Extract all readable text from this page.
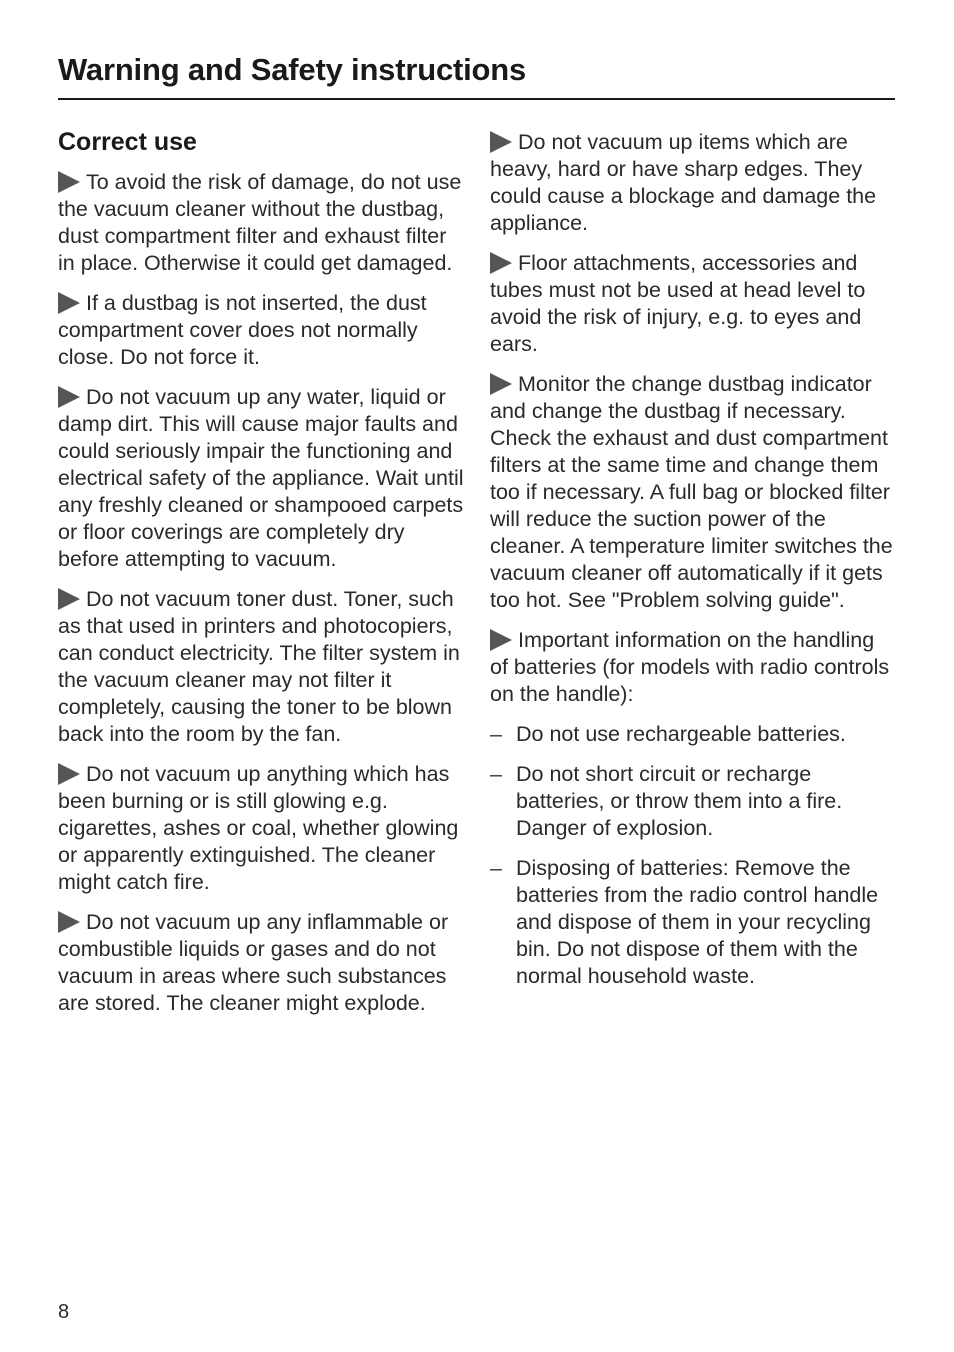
Warning and Safety instructions
Correct use

To avoid the risk of damage, do not use the vacuum cleaner without the dustbag, dust compartment filter and exhaust filter in place. Otherwise it could get damaged.

If a dustbag is not inserted, the dust compartment cover does not normally close. Do not force it.

Do not vacuum up any water, liquid or damp dirt. This will cause major faults and could seriously impair the functioning and electrical safety of the appliance. Wait until any freshly cleaned or shampooed carpets or floor coverings are completely dry before attempting to vacuum.

Do not vacuum toner dust. Toner, such as that used in printers and photocopiers, can conduct electricity. The filter system in the vacuum cleaner may not filter it completely, causing the toner to be blown back into the room by the fan.

Do not vacuum up anything which has been burning or is still glowing e.g. cigarettes, ashes or coal, whether glowing or apparently extinguished. The cleaner might catch fire.

Do not vacuum up any inflammable or combustible liquids or gases and do not vacuum in areas where such substances are stored. The cleaner might explode.

Do not vacuum up items which are heavy, hard or have sharp edges. They could cause a blockage and damage the appliance.

Floor attachments, accessories and tubes must not be used at head level to avoid the risk of injury, e.g. to eyes and ears.

Monitor the change dustbag indicator and change the dustbag if necessary. Check the exhaust and dust compartment filters at the same time and change them too if necessary. A full bag or blocked filter will reduce the suction power of the cleaner. A temperature limiter switches the vacuum cleaner off automatically if it gets too hot. See "Problem solving guide".

Important information on the handling of batteries (for models with radio controls on the handle):

– Do not use rechargeable batteries.
– Do not short circuit or recharge batteries, or throw them into a fire. Danger of explosion.
– Disposing of batteries: Remove the batteries from the radio control handle and dispose of them in your recycling bin. Do not dispose of them with the normal household waste.
8
